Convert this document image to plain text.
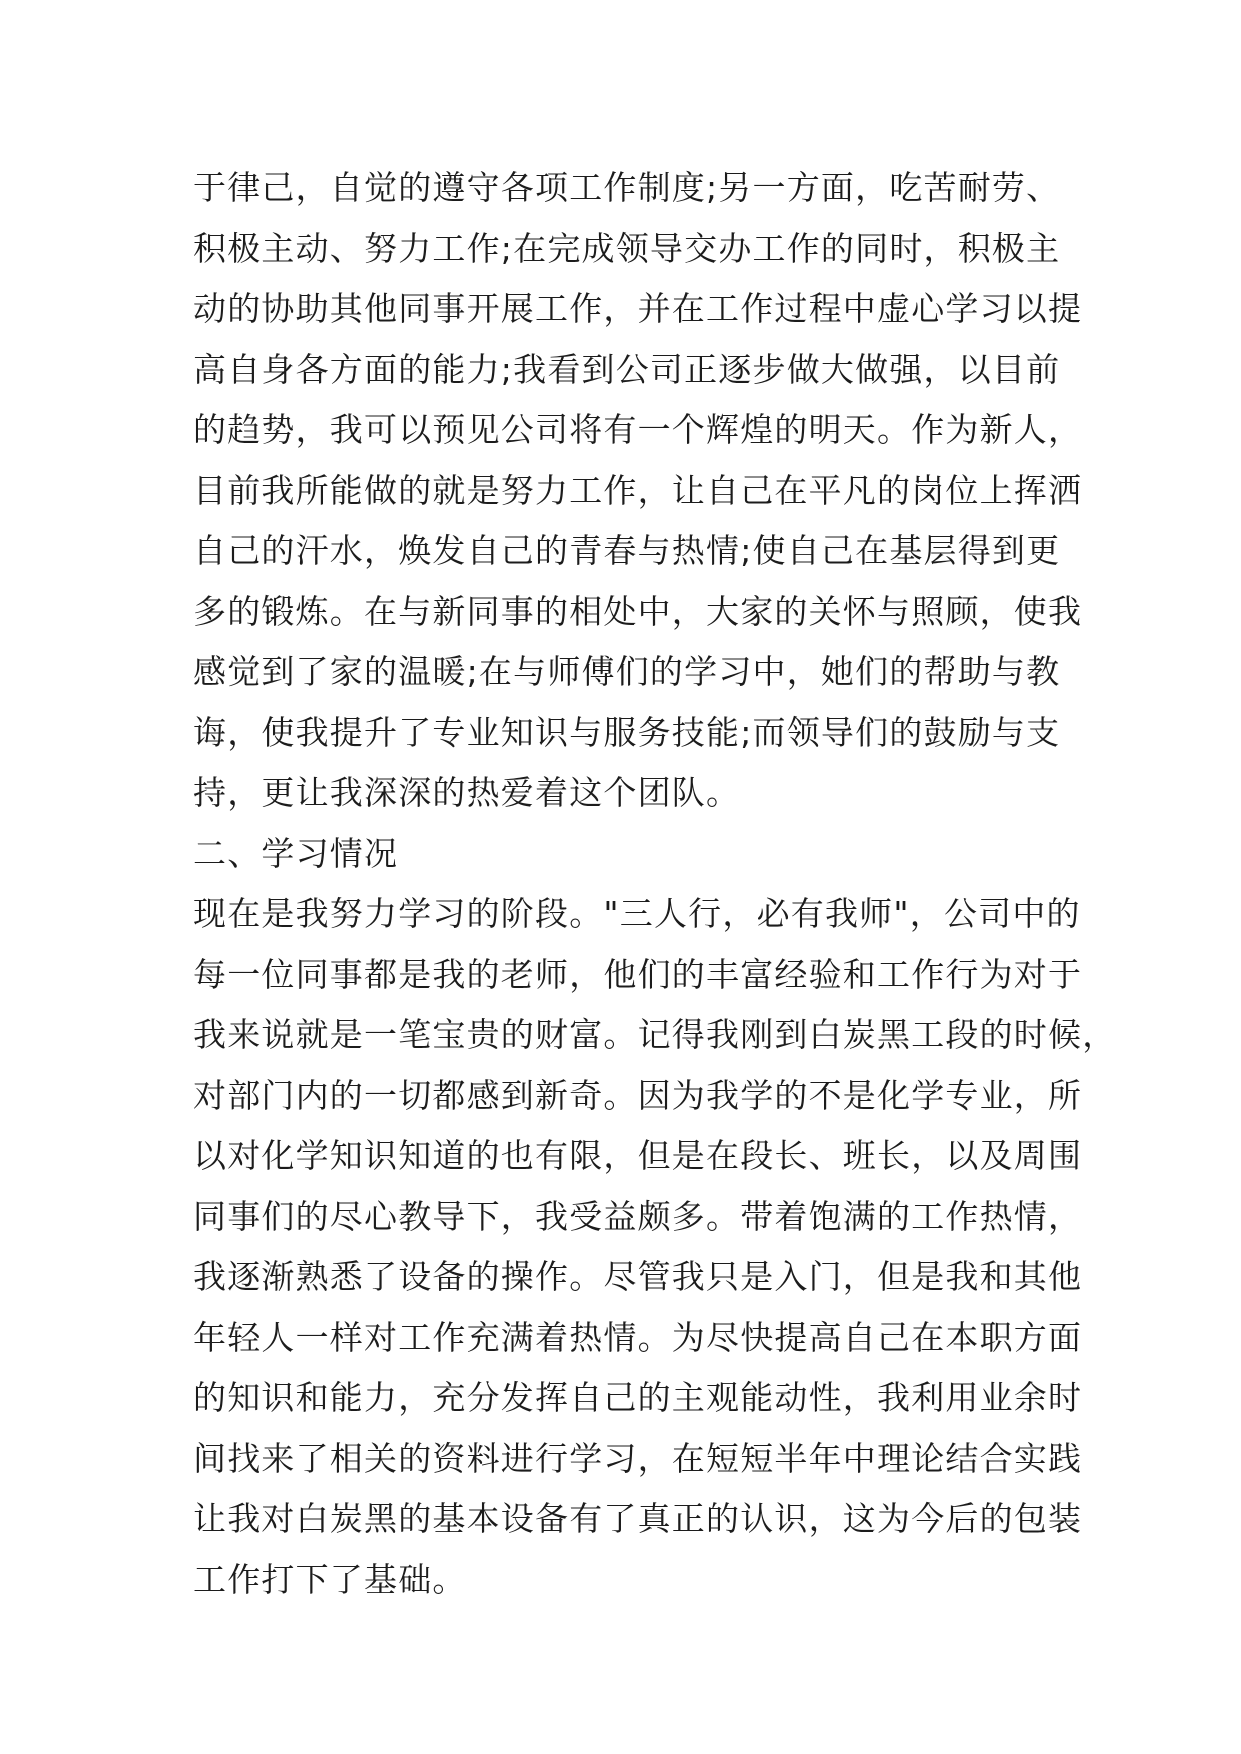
于律己，自觉的遵守各项工作制度;另一方面，吃苦耐劳、
积极主动、努力工作;在完成领导交办工作的同时，积极主
动的协助其他同事开展工作，并在工作过程中虚心学习以提
高自身各方面的能力;我看到公司正逐步做大做强，以目前
的趋势，我可以预见公司将有一个辉煌的明天。作为新人，
目前我所能做的就是努力工作，让自己在平凡的岗位上挥洒
自己的汗水，焕发自己的青春与热情;使自己在基层得到更
多的锻炼。在与新同事的相处中，大家的关怀与照顾，使我
感觉到了家的温暖;在与师傅们的学习中，她们的帮助与教
诲，使我提升了专业知识与服务技能;而领导们的鼓励与支
持，更让我深深的热爱着这个团队。
二、学习情况
现在是我努力学习的阶段。"三人行，必有我师"，公司中的
每一位同事都是我的老师，他们的丰富经验和工作行为对于
我来说就是一笔宝贵的财富。记得我刚到白炭黑工段的时候，
对部门内的一切都感到新奇。因为我学的不是化学专业，所
以对化学知识知道的也有限，但是在段长、班长，以及周围
同事们的尽心教导下，我受益颇多。带着饱满的工作热情，
我逐渐熟悉了设备的操作。尽管我只是入门，但是我和其他
年轻人一样对工作充满着热情。为尽快提高自己在本职方面
的知识和能力，充分发挥自己的主观能动性，我利用业余时
间找来了相关的资料进行学习，在短短半年中理论结合实践
让我对白炭黑的基本设备有了真正的认识，这为今后的包装
工作打下了基础。
